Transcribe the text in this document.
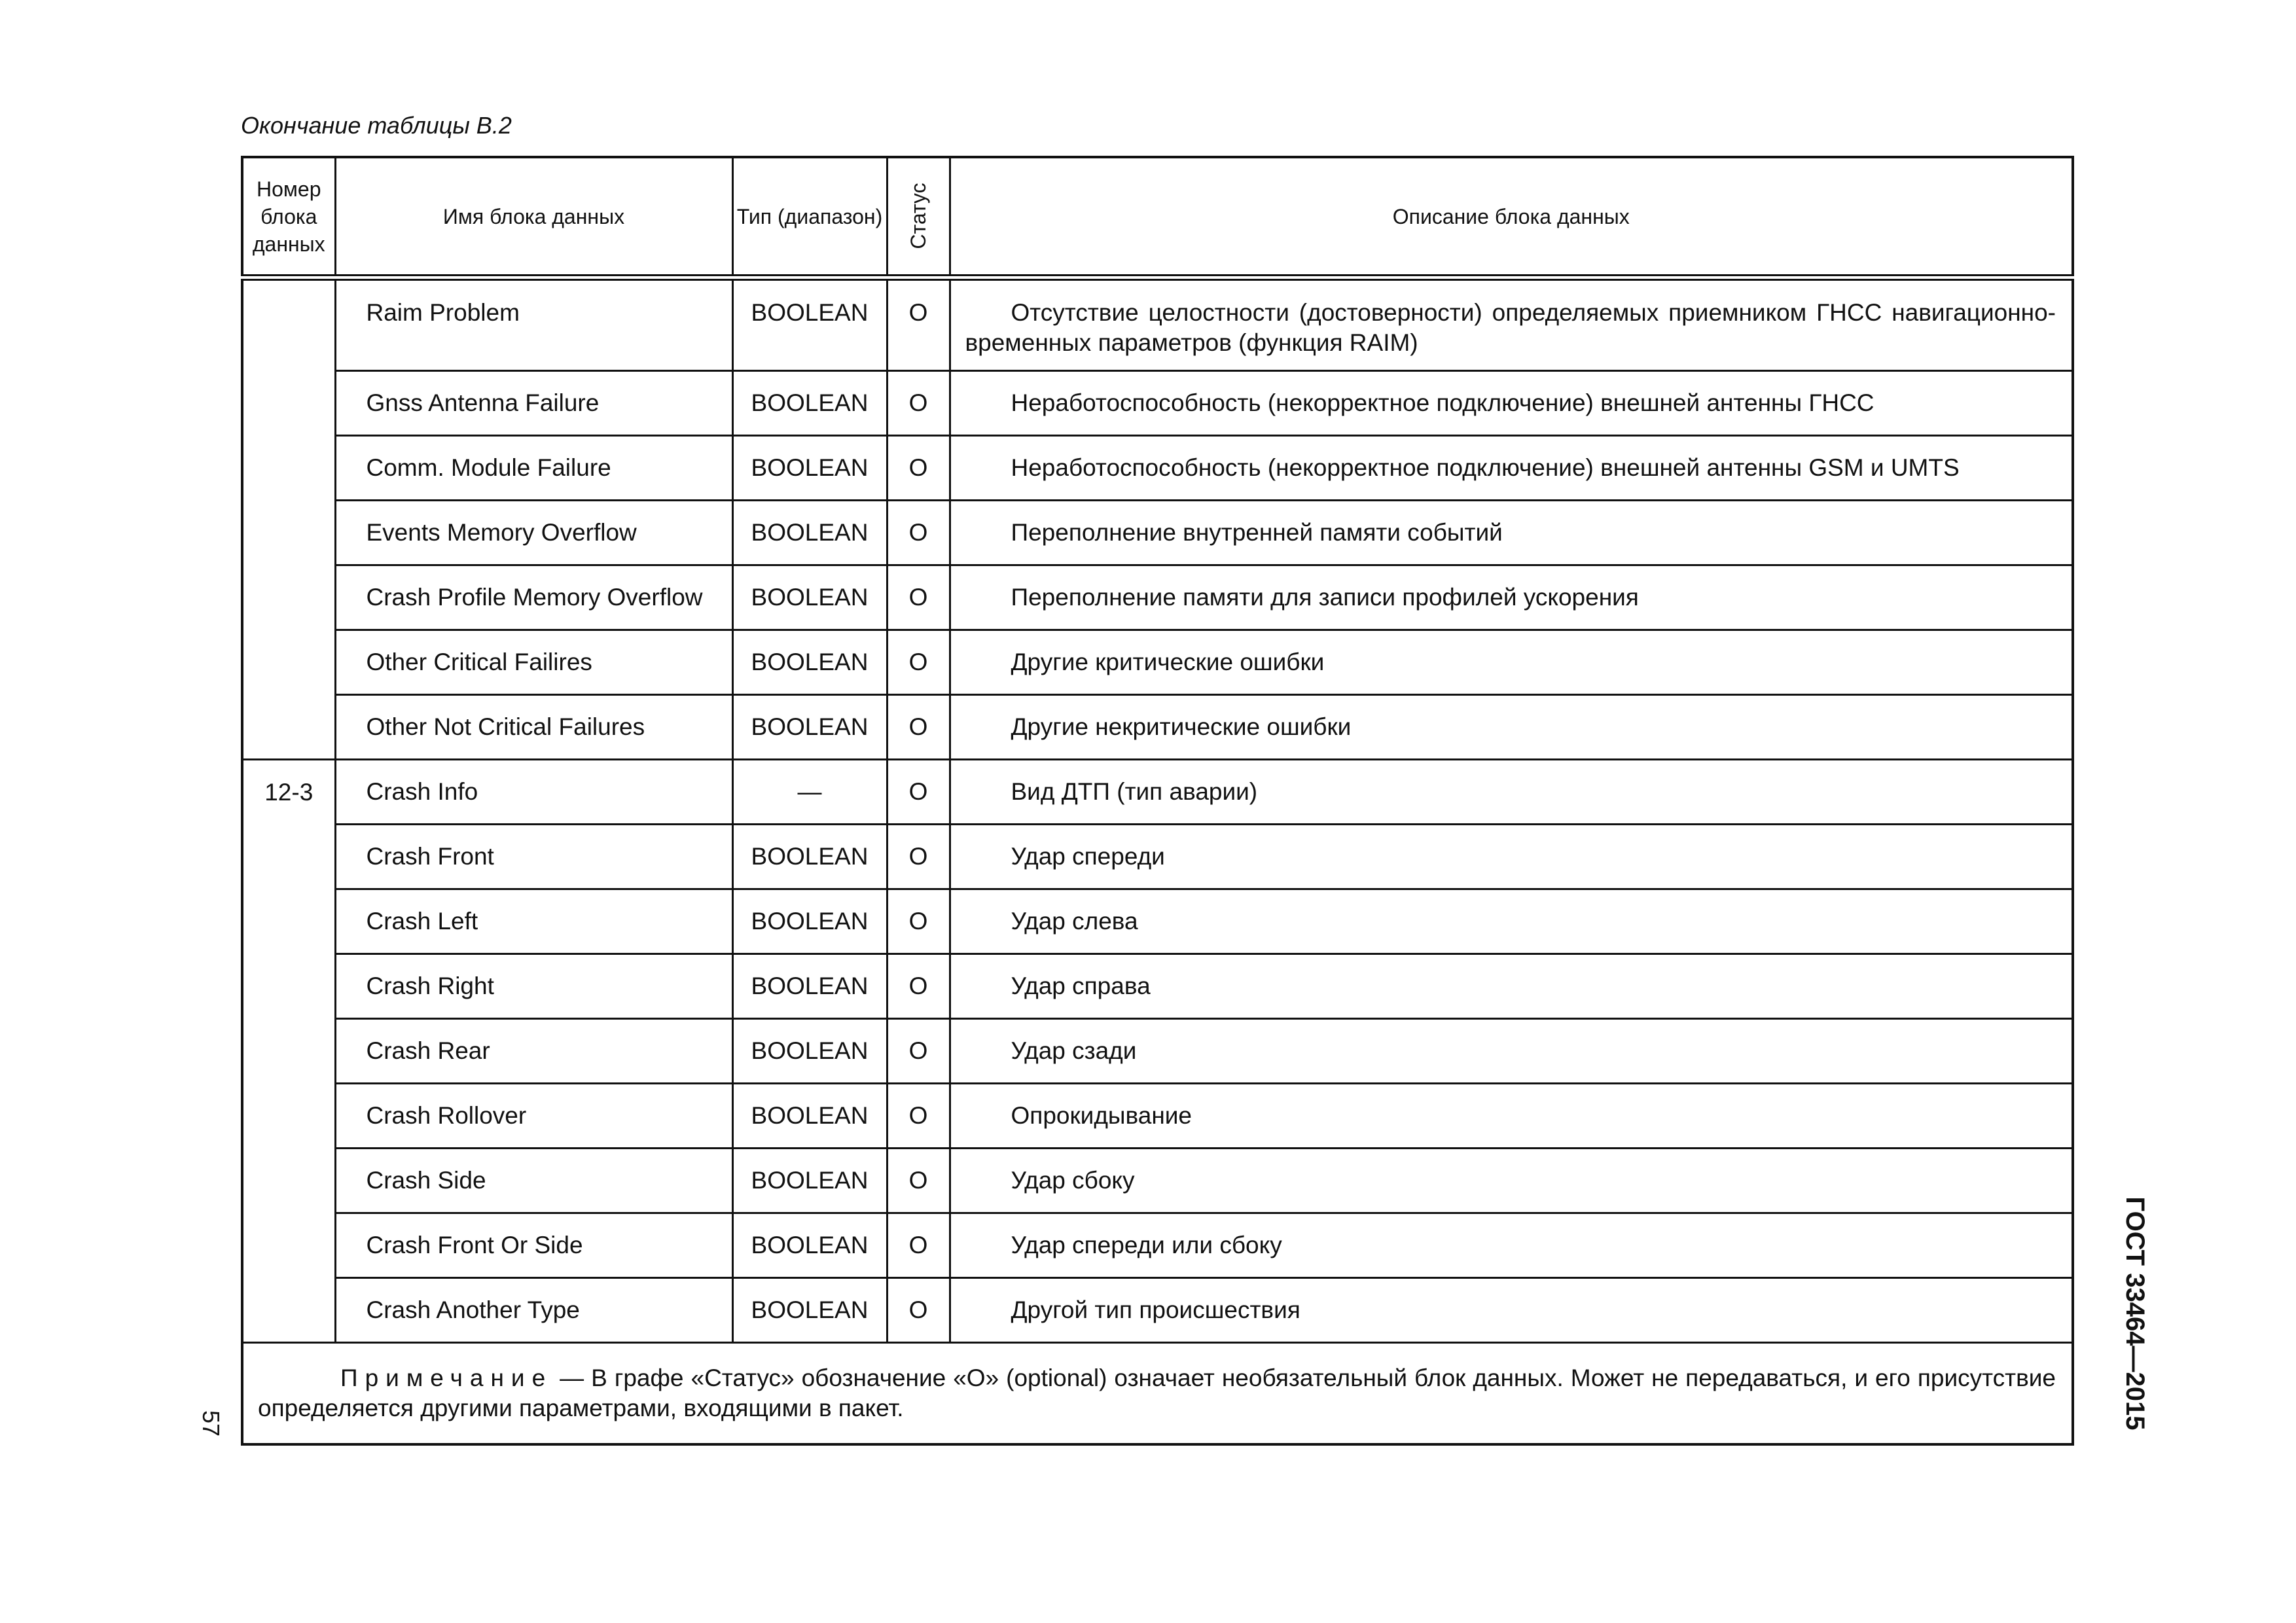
Окончание таблицы В.2
Номер блока данных	Имя блока данных	Тип (диапазон)	Статус	Описание блока данных
	Raim Problem	BOOLEAN	O	Отсутствие целостности (достоверности) определяемых приемником ГНСС навигационно-временных параметров (функция RAIM)
	Gnss Antenna Failure	BOOLEAN	O	Неработоспособность (некорректное подключение) внешней антенны ГНСС
	Comm. Module Failure	BOOLEAN	O	Неработоспособность (некорректное подключение) внешней антенны GSM и UMTS
	Events Memory Overflow	BOOLEAN	O	Переполнение внутренней памяти событий
	Crash Profile Memory Overflow	BOOLEAN	O	Переполнение памяти для записи профилей ускорения
	Other Critical Failires	BOOLEAN	O	Другие критические ошибки
	Other Not Critical Failures	BOOLEAN	O	Другие некритические ошибки
12-3	Crash Info	—	O	Вид ДТП (тип аварии)
	Crash Front	BOOLEAN	O	Удар спереди
	Crash Left	BOOLEAN	O	Удар слева
	Crash Right	BOOLEAN	O	Удар справа
	Crash Rear	BOOLEAN	O	Удар сзади
	Crash Rollover	BOOLEAN	O	Опрокидывание
	Crash Side	BOOLEAN	O	Удар сбоку
	Crash Front Or Side	BOOLEAN	O	Удар спереди или сбоку
	Crash Another Type	BOOLEAN	O	Другой тип происшествия
Примечание — В графе «Статус» обозначение «О» (optional) означает необязательный блок данных. Может не передаваться, и его присутствие определяется другими параметрами, входящими в пакет.				
57	ГОСТ 33464—2015
